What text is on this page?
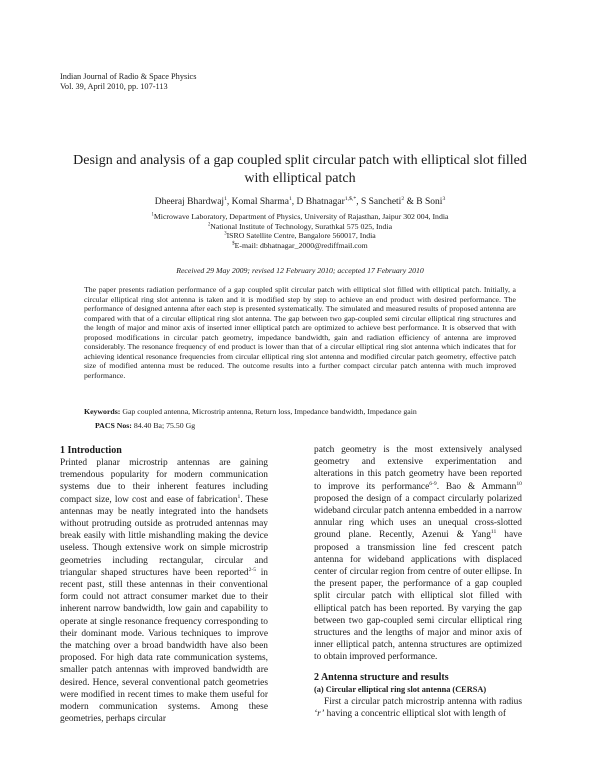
Indian Journal of Radio & Space Physics
Vol. 39, April 2010, pp. 107-113
Design and analysis of a gap coupled split circular patch with elliptical slot filled with elliptical patch
Dheeraj Bhardwaj$^1$, Komal Sharma$^1$, D Bhatnagar$^{1,\$,*}$, S Sancheti$^2$ & B Soni$^3$
$^1$Microwave Laboratory, Department of Physics, University of Rajasthan, Jaipur 302 004, India
$^2$National Institute of Technology, Surathkal 575 025, India
$^3$ISRO Satellite Centre, Bangalore 560017, India
$E-mail: dbhatnagar_2000@rediffmail.com
Received 29 May 2009; revised 12 February 2010; accepted 17 February 2010
The paper presents radiation performance of a gap coupled split circular patch with elliptical slot filled with elliptical patch. Initially, a circular elliptical ring slot antenna is taken and it is modified step by step to achieve an end product with desired performance. The performance of designed antenna after each step is presented systematically. The simulated and measured results of proposed antenna are compared with that of a circular elliptical ring slot antenna. The gap between two gap-coupled semi circular elliptical ring structures and the length of major and minor axis of inserted inner elliptical patch are optimized to achieve best performance. It is observed that with proposed modifications in circular patch geometry, impedance bandwidth, gain and radiation efficiency of antenna are improved considerably. The resonance frequency of end product is lower than that of a circular elliptical ring slot antenna which indicates that for achieving identical resonance frequencies from circular elliptical ring slot antenna and modified circular patch geometry, effective patch size of modified antenna must be reduced. The outcome results into a further compact circular patch antenna with much improved performance.
Keywords: Gap coupled antenna, Microstrip antenna, Return loss, Impedance bandwidth, Impedance gain
PACS Nos: 84.40 Ba; 75.50 Gg

1 Introduction

Printed planar microstrip antennas are gaining tremendous popularity for modern communication systems due to their inherent features including compact size, low cost and ease of fabrication$^1$. These antennas may be neatly integrated into the handsets without protruding outside as protruded antennas may break easily with little mishandling making the device useless. Though extensive work on simple microstrip geometries including rectangular, circular and triangular shaped structures have been reported$^{2-5}$ in recent past, still these antennas in their conventional form could not attract consumer market due to their inherent narrow bandwidth, low gain and capability to operate at single resonance frequency corresponding to their dominant mode. Various techniques to improve the matching over a broad bandwidth have also been proposed. For high data rate communication systems, smaller patch antennas with improved bandwidth are desired. Hence, several conventional patch geometries were modified in recent times to make them useful for modern communication systems. Among these geometries, perhaps circular

patch geometry is the most extensively analysed geometry and extensive experimentation and alterations in this patch geometry have been reported to improve its performance$^{6-9}$. Bao & Ammann$^{10}$ proposed the design of a compact circularly polarized wideband circular patch antenna embedded in a narrow annular ring which uses an unequal cross-slotted ground plane. Recently, Azenui & Yang$^{11}$ have proposed a transmission line fed crescent patch antenna for wideband applications with displaced center of circular region from centre of outer ellipse. In the present paper, the performance of a gap coupled split circular patch with elliptical slot filled with elliptical patch has been reported. By varying the gap between two gap-coupled semi circular elliptical ring structures and the lengths of major and minor axis of inner elliptical patch, antenna structures are optimized to obtain improved performance.

2 Antenna structure and results

(a) Circular elliptical ring slot antenna (CERSA)

First a circular patch microstrip antenna with radius ‘r’ having a concentric elliptical slot with length of
